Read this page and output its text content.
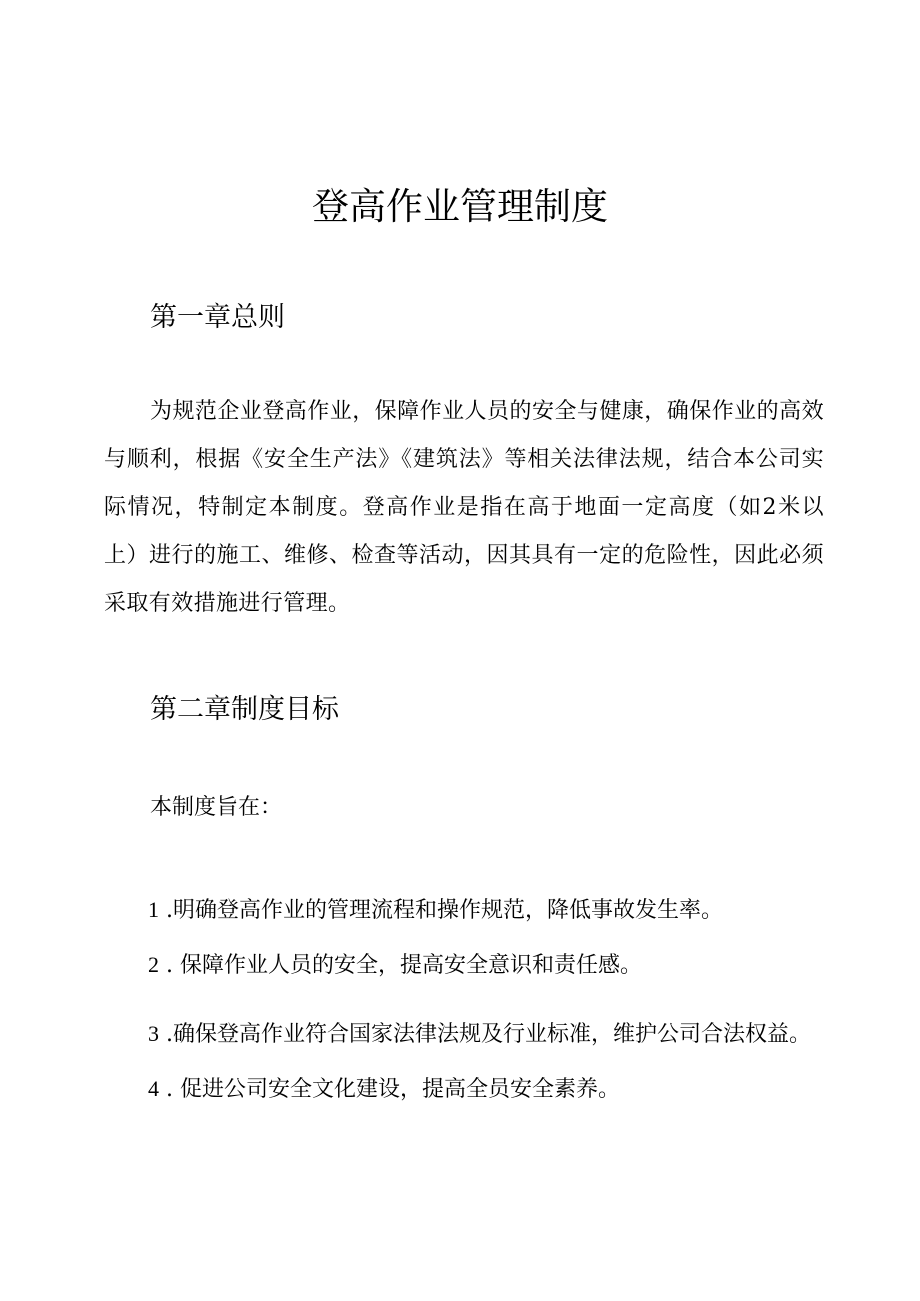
登高作业管理制度
第一章总则

为规范企业登高作业，保障作业人员的安全与健康，确保作业的高效与顺利，根据《安全生产法》《建筑法》等相关法律法规，结合本公司实际情况，特制定本制度。登高作业是指在高于地面一定高度（如2米以上）进行的施工、维修、检查等活动，因其具有一定的危险性，因此必须采取有效措施进行管理。

第二章制度目标

本制度旨在：

1 .明确登高作业的管理流程和操作规范，降低事故发生率。

2 . 保障作业人员的安全，提高安全意识和责任感。

3 .确保登高作业符合国家法律法规及行业标准，维护公司合法权益。

4 . 促进公司安全文化建设，提高全员安全素养。
